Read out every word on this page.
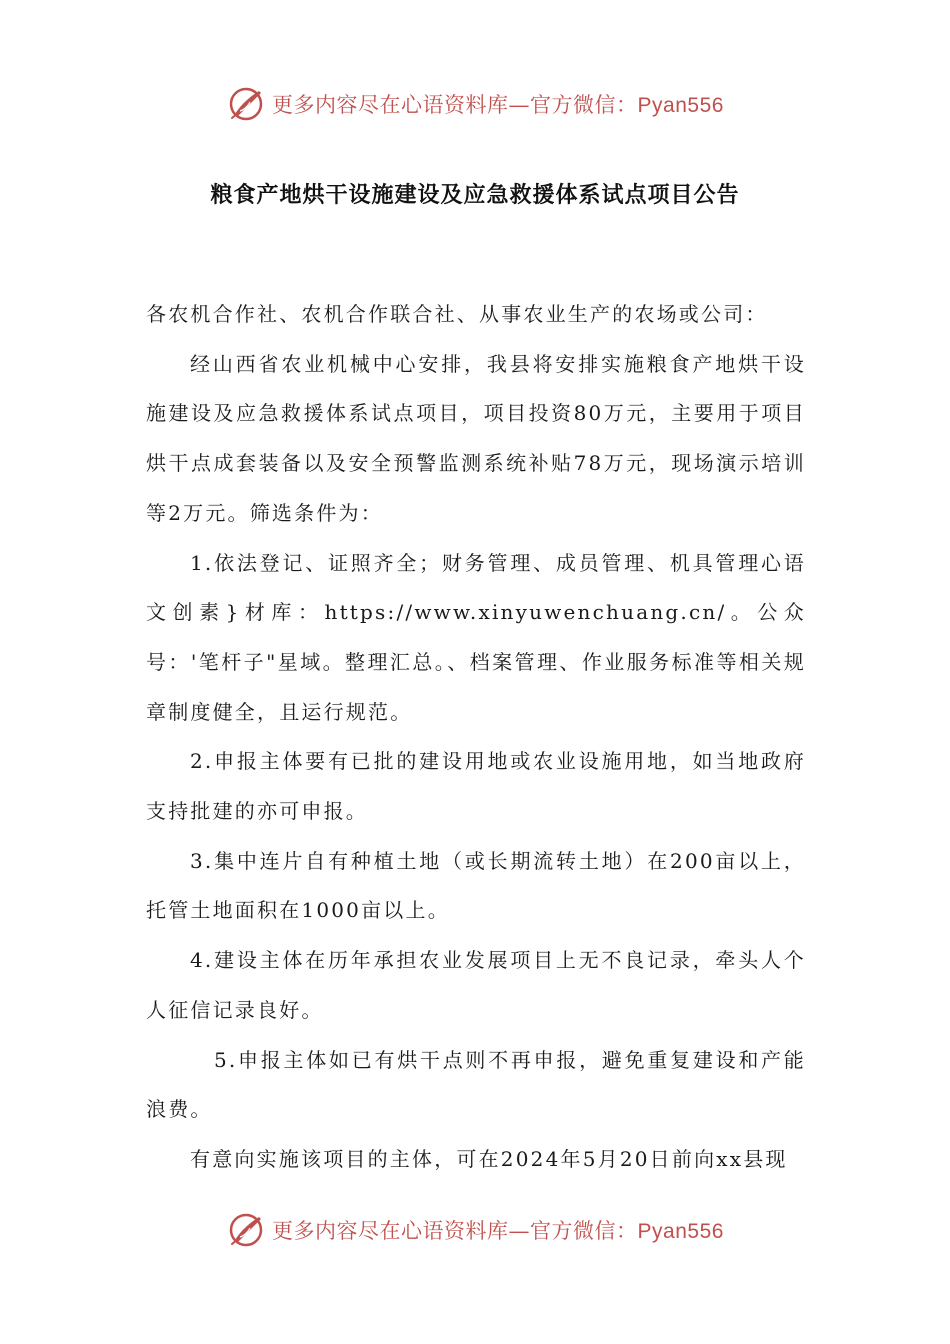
更多内容尽在心语资料库—官方微信：Pyan556
粮食产地烘干设施建设及应急救援体系试点项目公告

各农机合作社、农机合作联合社、从事农业生产的农场或公司：

经山西省农业机械中心安排，我县将安排实施粮食产地烘干设施建设及应急救援体系试点项目，项目投资80万元，主要用于项目烘干点成套装备以及安全预警监测系统补贴78万元，现场演示培训等2万元。筛选条件为：

1.依法登记、证照齐全；财务管理、成员管理、机具管理心语文创素}材库：https://www.xinyuwenchuang.cn/。公众号：'笔杆子"星域。整理汇总。、档案管理、作业服务标准等相关规章制度健全，且运行规范。

2.申报主体要有已批的建设用地或农业设施用地，如当地政府支持批建的亦可申报。

3.集中连片自有种植土地（或长期流转土地）在200亩以上，托管土地面积在1000亩以上。

4.建设主体在历年承担农业发展项目上无不良记录，牵头人个人征信记录良好。

5.申报主体如已有烘干点则不再申报，避免重复建设和产能浪费。

有意向实施该项目的主体，可在2024年5月20日前向xx县现

更多内容尽在心语资料库—官方微信：Pyan556
